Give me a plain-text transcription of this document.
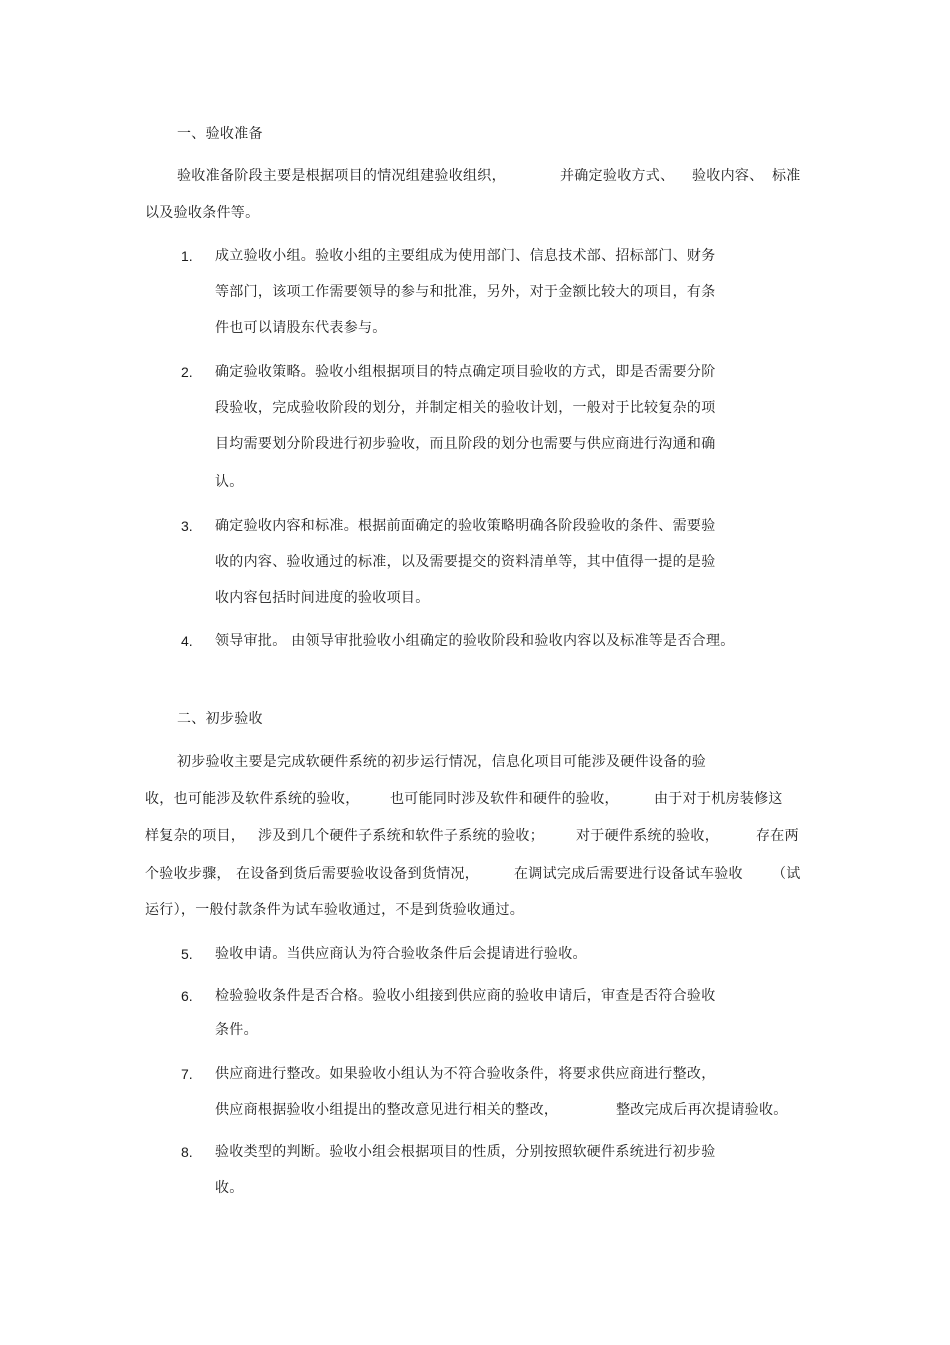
一、验收准备
验收准备阶段主要是根据项目的情况组建验收组织，	并确定验收方式、 验收内容、 标准
以及验收条件等。
1. 成立验收小组。验收小组的主要组成为使用部门、信息技术部、招标部门、财务
等部门，该项工作需要领导的参与和批准，另外，对于金额比较大的项目，有条
件也可以请股东代表参与。
2. 确定验收策略。验收小组根据项目的特点确定项目验收的方式，即是否需要分阶
段验收，完成验收阶段的划分，并制定相关的验收计划，一般对于比较复杂的项
目均需要划分阶段进行初步验收，而且阶段的划分也需要与供应商进行沟通和确
认。
3. 确定验收内容和标准。根据前面确定的验收策略明确各阶段验收的条件、需要验
收的内容、验收通过的标准，以及需要提交的资料清单等，其中值得一提的是验
收内容包括时间进度的验收项目。
4. 领导审批。 由领导审批验收小组确定的验收阶段和验收内容以及标准等是否合理。
二、初步验收
初步验收主要是完成软硬件系统的初步运行情况，信息化项目可能涉及硬件设备的验
收，也可能涉及软件系统的验收， 也可能同时涉及软件和硬件的验收，	由于对于机房装修这
样复杂的项目， 涉及到几个硬件子系统和软件子系统的验收； 对于硬件系统的验收，	存在两
个验收步骤， 在设备到货后需要验收设备到货情况， 在调试完成后需要进行设备试车验收 （试
运行），一般付款条件为试车验收通过，不是到货验收通过。
5. 验收申请。当供应商认为符合验收条件后会提请进行验收。
6. 检验验收条件是否合格。验收小组接到供应商的验收申请后，审查是否符合验收
条件。
7. 供应商进行整改。如果验收小组认为不符合验收条件，将要求供应商进行整改，
供应商根据验收小组提出的整改意见进行相关的整改，	整改完成后再次提请验收。
8. 验收类型的判断。验收小组会根据项目的性质，分别按照软硬件系统进行初步验
收。
